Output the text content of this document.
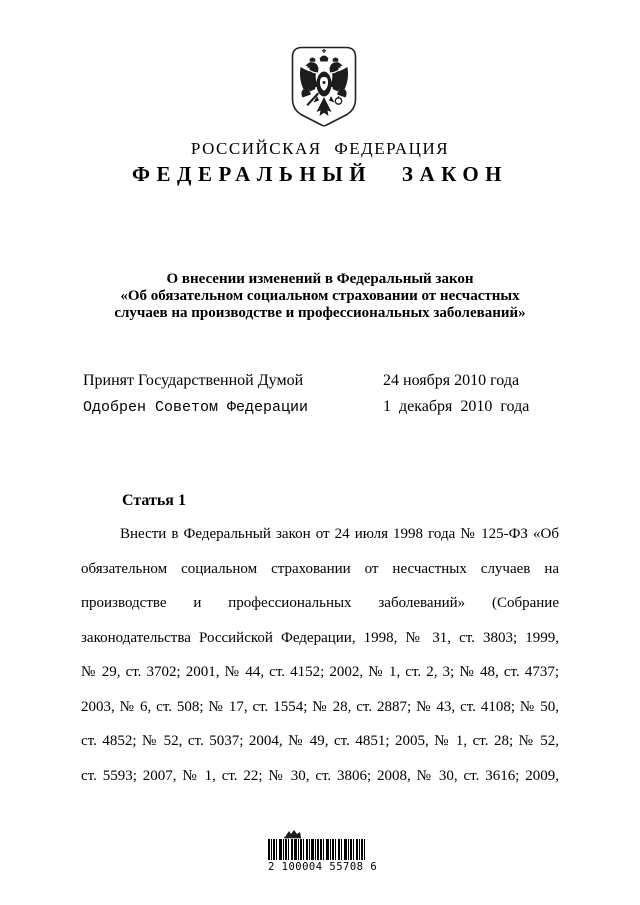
РОССИЙСКАЯ ФЕДЕРАЦИЯ
ФЕДЕРАЛЬНЫЙ ЗАКОН
О внесении изменений в Федеральный закон
«Об обязательном социальном страховании от несчастных
случаев на производстве и профессиональных заболеваний»
Принят Государственной Думой	24 ноября 2010 года
Одобрен Советом Федерации	1 декабря 2010 года
Статья 1
Внести в Федеральный закон от 24 июля 1998 года № 125-ФЗ «Об
обязательном социальном страховании от несчастных случаев на
производстве и профессиональных заболеваний» (Собрание
законодательства Российской Федерации, 1998, № 31, ст. 3803; 1999,
№ 29, ст. 3702; 2001, № 44, ст. 4152; 2002, № 1, ст. 2, 3; № 48, ст. 4737;
2003, № 6, ст. 508; № 17, ст. 1554; № 28, ст. 2887; № 43, ст. 4108; № 50,
ст. 4852; № 52, ст. 5037; 2004, № 49, ст. 4851; 2005, № 1, ст. 28; № 52,
ст. 5593; 2007, № 1, ст. 22; № 30, ст. 3806; 2008, № 30, ст. 3616; 2009,
2 100004 55708 6
